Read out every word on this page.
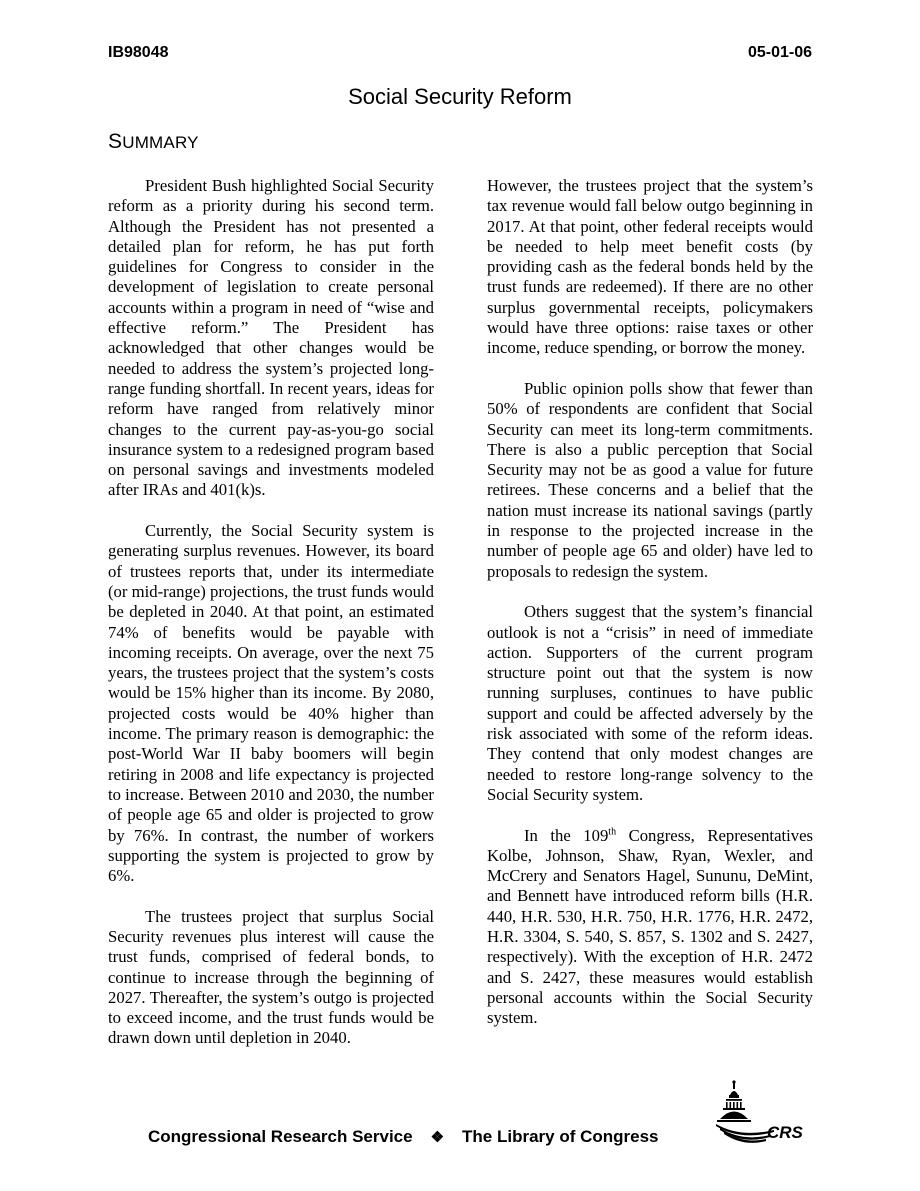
IB98048	05-01-06
Social Security Reform
SUMMARY

President Bush highlighted Social Security reform as a priority during his second term. Although the President has not presented a detailed plan for reform, he has put forth guidelines for Congress to consider in the development of legislation to create personal accounts within a program in need of “wise and effective reform.” The President has acknowledged that other changes would be needed to address the system’s projected long-range funding shortfall. In recent years, ideas for reform have ranged from relatively minor changes to the current pay-as-you-go social insurance system to a redesigned program based on personal savings and investments modeled after IRAs and 401(k)s.

Currently, the Social Security system is generating surplus revenues. However, its board of trustees reports that, under its intermediate (or mid-range) projections, the trust funds would be depleted in 2040. At that point, an estimated 74% of benefits would be payable with incoming receipts. On average, over the next 75 years, the trustees project that the system’s costs would be 15% higher than its income. By 2080, projected costs would be 40% higher than income. The primary reason is demographic: the post-World War II baby boomers will begin retiring in 2008 and life expectancy is projected to increase. Between 2010 and 2030, the number of people age 65 and older is projected to grow by 76%. In contrast, the number of workers supporting the system is projected to grow by 6%.

The trustees project that surplus Social Security revenues plus interest will cause the trust funds, comprised of federal bonds, to continue to increase through the beginning of 2027. Thereafter, the system’s outgo is projected to exceed income, and the trust funds would be drawn down until depletion in 2040.

However, the trustees project that the system’s tax revenue would fall below outgo beginning in 2017. At that point, other federal receipts would be needed to help meet benefit costs (by providing cash as the federal bonds held by the trust funds are redeemed). If there are no other surplus governmental receipts, policymakers would have three options: raise taxes or other income, reduce spending, or borrow the money.

Public opinion polls show that fewer than 50% of respondents are confident that Social Security can meet its long-term commitments. There is also a public perception that Social Security may not be as good a value for future retirees. These concerns and a belief that the nation must increase its national savings (partly in response to the projected increase in the number of people age 65 and older) have led to proposals to redesign the system.

Others suggest that the system’s financial outlook is not a “crisis” in need of immediate action. Supporters of the current program structure point out that the system is now running surpluses, continues to have public support and could be affected adversely by the risk associated with some of the reform ideas. They contend that only modest changes are needed to restore long-range solvency to the Social Security system.

In the 109th Congress, Representatives Kolbe, Johnson, Shaw, Ryan, Wexler, and McCrery and Senators Hagel, Sununu, DeMint, and Bennett have introduced reform bills (H.R. 440, H.R. 530, H.R. 750, H.R. 1776, H.R. 2472, H.R. 3304, S. 540, S. 857, S. 1302 and S. 2427, respectively). With the exception of H.R. 2472 and S. 2427, these measures would establish personal accounts within the Social Security system.

Congressional Research Service ❖ The Library of Congress	CRS
